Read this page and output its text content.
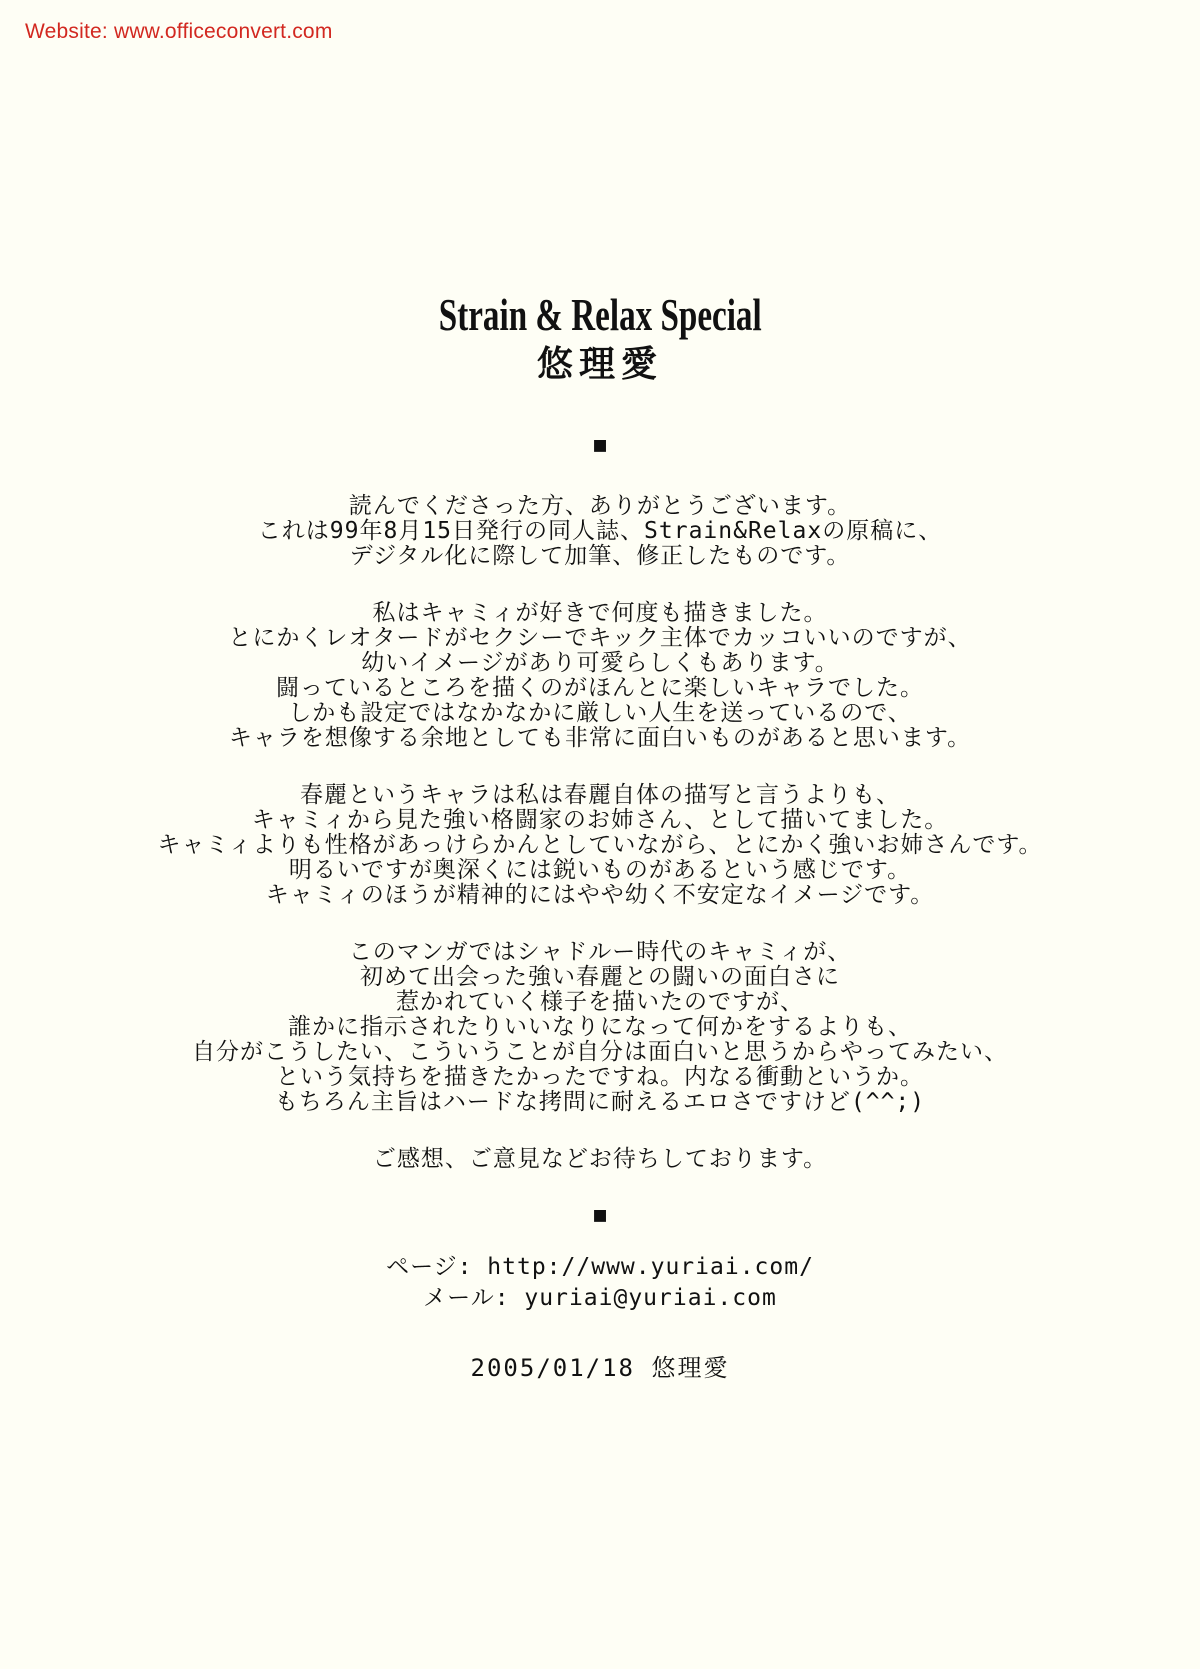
Website: www.officeconvert.com
Strain & Relax Special
悠理愛
■
読んでくださった方、ありがとうございます。
これは99年8月15日発行の同人誌、Strain&Relaxの原稿に、
デジタル化に際して加筆、修正したものです。
私はキャミィが好きで何度も描きました。
とにかくレオタードがセクシーでキック主体でカッコいいのですが、
幼いイメージがあり可愛らしくもあります。
闘っているところを描くのがほんとに楽しいキャラでした。
しかも設定ではなかなかに厳しい人生を送っているので、
キャラを想像する余地としても非常に面白いものがあると思います。
春麗というキャラは私は春麗自体の描写と言うよりも、
キャミィから見た強い格闘家のお姉さん、として描いてました。
キャミィよりも性格があっけらかんとしていながら、とにかく強いお姉さんです。
明るいですが奥深くには鋭いものがあるという感じです。
キャミィのほうが精神的にはやや幼く不安定なイメージです。
このマンガではシャドルー時代のキャミィが、
初めて出会った強い春麗との闘いの面白さに
惹かれていく様子を描いたのですが、
誰かに指示されたりいいなりになって何かをするよりも、
自分がこうしたい、こういうことが自分は面白いと思うからやってみたい、
という気持ちを描きたかったですね。内なる衝動というか。
もちろん主旨はハードな拷問に耐えるエロさですけど(^^;)
ご感想、ご意見などお待ちしております。
■
ページ: http://www.yuriai.com/
メール: yuriai@yuriai.com
2005/01/18 悠理愛
